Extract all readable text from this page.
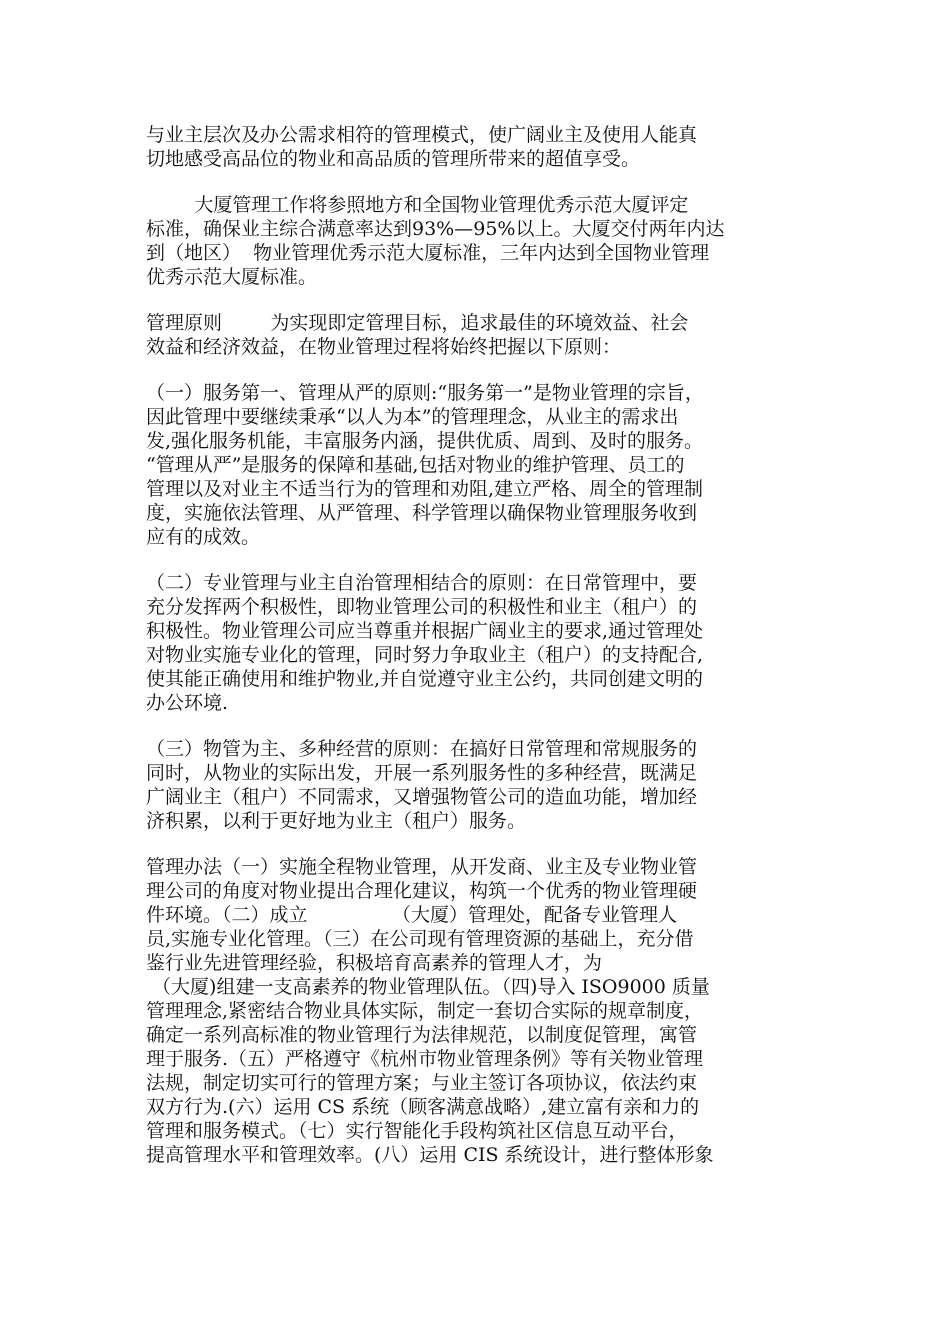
与业主层次及办公需求相符的管理模式，使广阔业主及使用人能真
切地感受高品位的物业和高品质的管理所带来的超值享受。
大厦管理工作将参照地方和全国物业管理优秀示范大厦评定
标准，确保业主综合满意率达到93%—95%以上。大厦交付两年内达
到（地区）  物业管理优秀示范大厦标准，三年内达到全国物业管理
优秀示范大厦标准。
管理原则        为实现即定管理目标，追求最佳的环境效益、社会
效益和经济效益，在物业管理过程将始终把握以下原则：
（一）服务第一、管理从严的原则:“服务第一”是物业管理的宗旨，
因此管理中要继续秉承“以人为本”的管理理念，从业主的需求出
发,强化服务机能，丰富服务内涵，提供优质、周到、及时的服务。
“管理从严”是服务的保障和基础,包括对物业的维护管理、员工的
管理以及对业主不适当行为的管理和劝阻,建立严格、周全的管理制
度，实施依法管理、从严管理、科学管理以确保物业管理服务收到
应有的成效。
（二）专业管理与业主自治管理相结合的原则：在日常管理中，要
充分发挥两个积极性，即物业管理公司的积极性和业主（租户）的
积极性。物业管理公司应当尊重并根据广阔业主的要求,通过管理处
对物业实施专业化的管理，同时努力争取业主（租户）的支持配合,
使其能正确使用和维护物业,并自觉遵守业主公约，共同创建文明的
办公环境.
（三）物管为主、多种经营的原则：在搞好日常管理和常规服务的
同时，从物业的实际出发，开展一系列服务性的多种经营，既满足
广阔业主（租户）不同需求，又增强物管公司的造血功能，增加经
济积累，以利于更好地为业主（租户）服务。
管理办法（一）实施全程物业管理，从开发商、业主及专业物业管
理公司的角度对物业提出合理化建议，构筑一个优秀的物业管理硬
件环境。（二）成立              （大厦）管理处，配备专业管理人
员,实施专业化管理。（三）在公司现有管理资源的基础上，充分借
鉴行业先进管理经验，积极培育高素养的管理人才，为
（大厦)组建一支高素养的物业管理队伍。（四)导入 ISO9000 质量
管理理念,紧密结合物业具体实际，制定一套切合实际的规章制度，
确定一系列高标准的物业管理行为法律规范，以制度促管理，寓管
理于服务.（五）严格遵守《杭州市物业管理条例》等有关物业管理
法规，制定切实可行的管理方案；与业主签订各项协议，依法约束
双方行为.(六）运用 CS 系统（顾客满意战略）,建立富有亲和力的
管理和服务模式。（七）实行智能化手段构筑社区信息互动平台，
提高管理水平和管理效率。(八）运用 CIS 系统设计，进行整体形象
